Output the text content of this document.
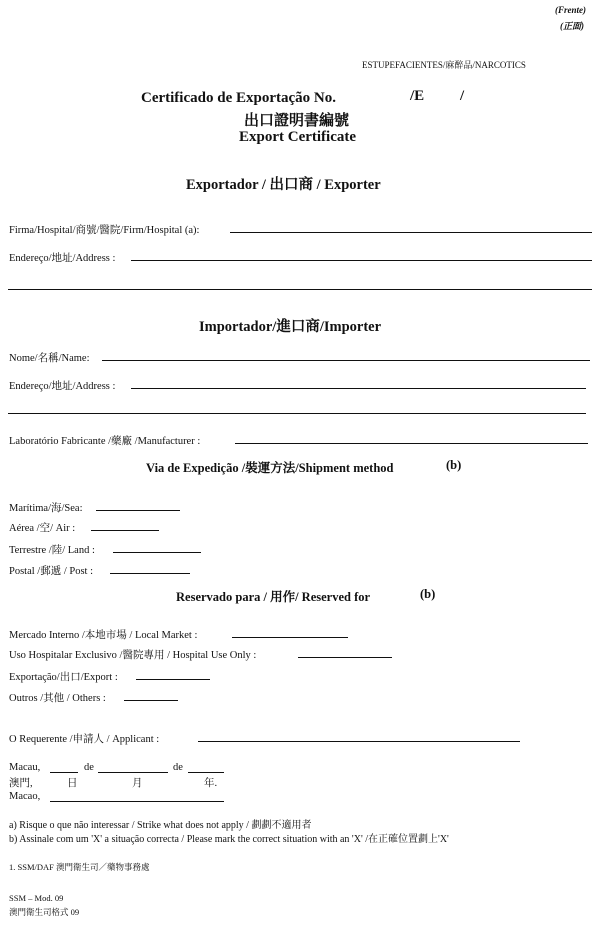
(Frente)
(正面)
ESTUPEFACIENTES/麻醉品/NARCOTICS
Certificado de Exportação No.	/E /
出口證明書編號
Export Certificate
Exportador / 出口商 / Exporter
Firma/Hospital/商號/醫院/Firm/Hospital (a):
Endereço/地址/Address :
Importador/進口商/Importer
Nome/名稱/Name:
Endereço/地址/Address :
Laboratório Fabricante /藥廠 /Manufacturer :
Via de Expedição /裝運方法/Shipment method	(b)
Marítima/海/Sea:
Aérea /空/ Air :
Terrestre /陸/ Land :
Postal /郵遞 / Post :
Reservado para / 用作/ Reserved for	(b)
Mercado Interno /本地市場 / Local Market :
Uso Hospitalar Exclusivo /醫院專用 / Hospital Use Only :
Exportação/出口/Export :
Outros /其他 / Others :
O Requerente /申請人 / Applicant :
Macau,	de	de
澳門,	日	月	年.
Macao,
a) Risque o que não interessar / Strike what does not apply / 劃劃不適用者
b) Assinale com um 'X' a situação correcta / Please mark the correct situation with an 'X' /在正確位置劃上'X'
1. SSM/DAF 澳門衛生司／藥物事務處
SSM – Mod. 09
澳門衛生司格式 09
